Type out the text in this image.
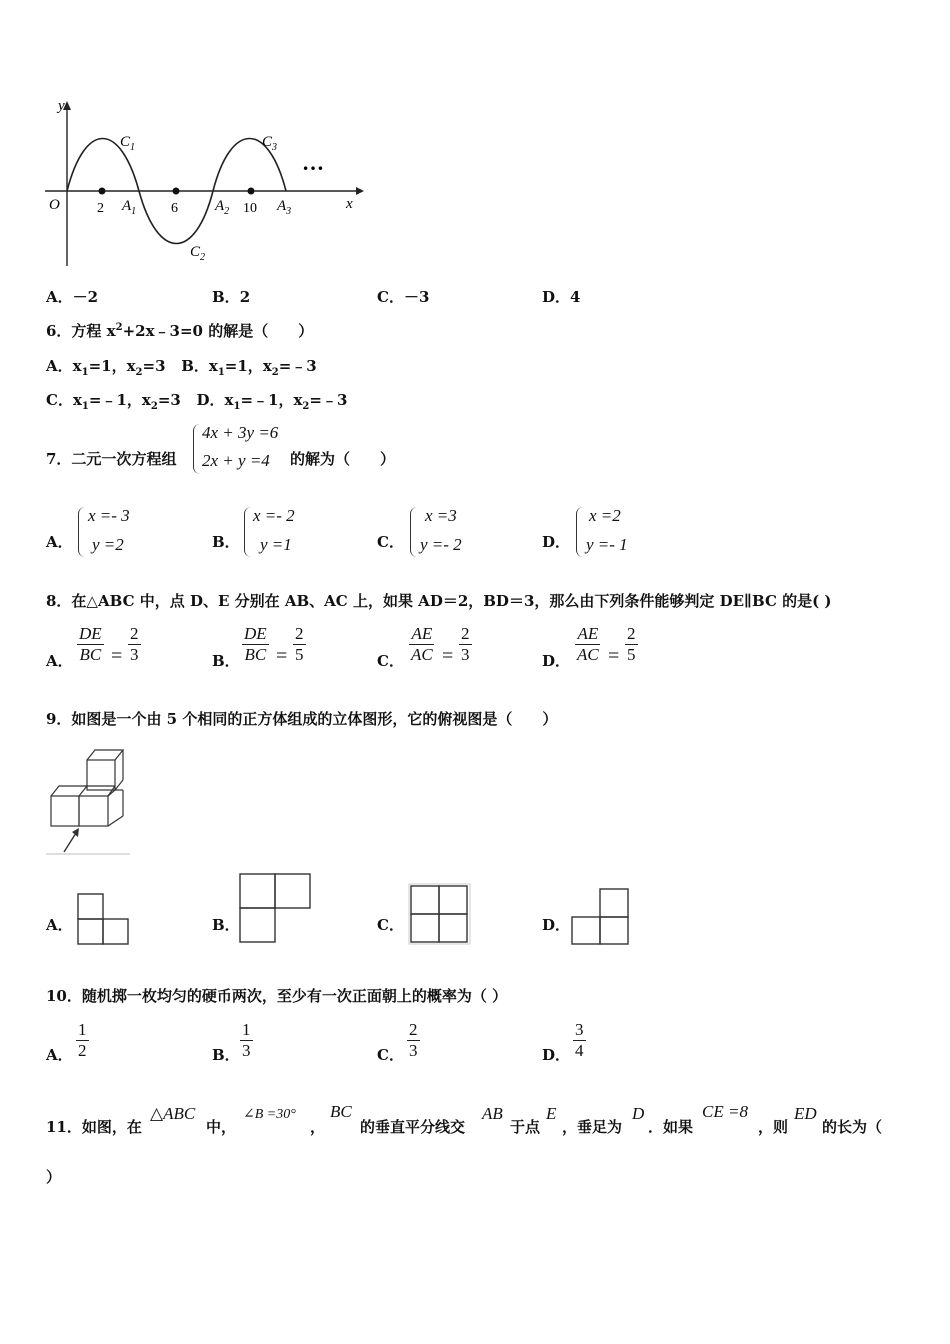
y
x
O	2	6	10
$C_1$
$C_2$
$C_3$
$A_1$	$A_2$	$A_3$
…
A．－2	B．2	C．－3	D．4
6．方程 $x^2+2x﹣3=0$ 的解是（　　）
A．$x_1=1$，$x_2=3$ B．$x_1=1$，$x_2=﹣3$
C．$x_1=﹣1$，$x_2=3$ D．$x_1=﹣1$，$x_2=﹣3$
7．二元一次方程组
4x + 3y =6
2x + y =4 的解为（　　）
A．
x =- 3
y =2	B．
x =- 2
y =1	C．
x =3
y =- 2	D．
x =2
y =- 1
8．在△ABC 中，点 D、E 分别在 AB、AC 上，如果 AD＝2，BD＝3，那么由下列条件能够判定 DE∥BC 的是( )
A． $\frac{DE}{BC} = \frac{2}{3}$	B． $\frac{DE}{BC} = \frac{2}{5}$	C． $\frac{AE}{AC} = \frac{2}{3}$	D． $\frac{AE}{AC} = \frac{2}{5}$
9．如图是一个由 5 个相同的正方体组成的立体图形，它的俯视图是（　　）
A．	B．	C．	D．
10．随机掷一枚均匀的硬币两次，至少有一次正面朝上的概率为（ ）
A． $\frac{1}{2}$	B． $\frac{1}{3}$	C． $\frac{2}{3}$	D． $\frac{3}{4}$
11．如图，在
△ABC
中，
∠B =30°
，
BC
的垂直平分线交
AB
于点
E
，垂足为
D
．如果
CE =8
，则
ED
的长为（
）
